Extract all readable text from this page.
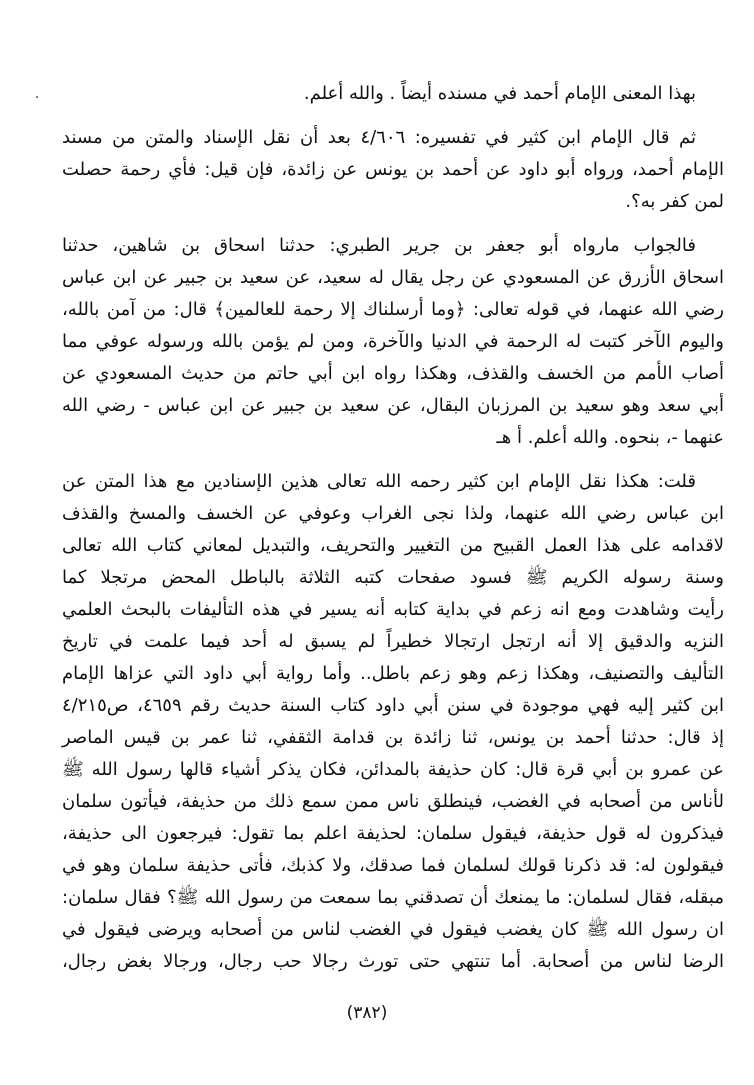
بهذا المعنى الإمام أحمد في مسنده أيضاً . والله أعلم.
ثم قال الإمام ابن كثير في تفسيره: ٤/٦٠٦ بعد أن نقل الإسناد والمتن من مسند
الإمام أحمد، ورواه أبو داود عن أحمد بن يونس عن زائدة، فإن قيل: فأي رحمة حصلت
لمن كفر به؟.
فالجواب مارواه أبو جعفر بن جرير الطبري: حدثنا اسحاق بن شاهين، حدثنا
اسحاق الأزرق عن المسعودي عن رجل يقال له سعيد، عن سعيد بن جبير عن ابن عباس
رضي الله عنهما، في قوله تعالى: ﴿وما أرسلناك إلا رحمة للعالمين﴾ قال: من آمن بالله،
واليوم الآخر كتبت له الرحمة في الدنيا والآخرة، ومن لم يؤمن بالله ورسوله عوفي مما
أصاب الأمم من الخسف والقذف، وهكذا رواه ابن أبي حاتم من حديث المسعودي عن
أبي سعد وهو سعيد بن المرزبان البقال، عن سعيد بن جبير عن ابن عباس - رضي الله
عنهما -، بنحوه. والله أعلم. أ هـ
قلت: هكذا نقل الإمام ابن كثير رحمه الله تعالى هذين الإسنادين مع هذا المتن عن
ابن عباس رضي الله عنهما، ولذا نجى الغراب وعوفي عن الخسف والمسخ والقذف
لاقدامه على هذا العمل القبيح من التغيير والتحريف، والتبديل لمعاني كتاب الله تعالى
وسنة رسوله الكريم ﷺ فسود صفحات كتبه الثلاثة بالباطل المحض مرتجلا كما
رأيت وشاهدت ومع انه زعم في بداية كتابه أنه يسير في هذه التأليفات بالبحث العلمي
النزيه والدقيق إلا أنه ارتجل ارتجالا خطيراً لم يسبق له أحد فيما علمت في تاريخ
التأليف والتصنيف، وهكذا زعم وهو زعم باطل.. وأما رواية أبي داود التي عزاها الإمام
ابن كثير إليه فهي موجودة في سنن أبي داود كتاب السنة حديث رقم ٤٦٥٩، ص٤/٢١٥
إذ قال: حدثنا أحمد بن يونس، ثنا زائدة بن قدامة الثقفي، ثنا عمر بن قيس الماصر
عن عمرو بن أبي قرة قال: كان حذيفة بالمدائن، فكان يذكر أشياء قالها رسول الله ﷺ
لأناس من أصحابه في الغضب، فينطلق ناس ممن سمع ذلك من حذيفة، فيأتون سلمان
فيذكرون له قول حذيفة، فيقول سلمان: لحذيفة اعلم بما تقول: فيرجعون الى حذيفة،
فيقولون له: قد ذكرنا قولك لسلمان فما صدقك، ولا كذبك، فأتى حذيفة سلمان وهو في
مبقله، فقال لسلمان: ما يمنعك أن تصدقني بما سمعت من رسول الله ﷺ؟ فقال سلمان:
ان رسول الله ﷺ كان يغضب فيقول في الغضب لناس من أصحابه ويرضى فيقول في
الرضا لناس من أصحابة. أما تنتهي حتى تورث رجالا حب رجال، ورجالا بغض رجال،
(٣٨٢)
